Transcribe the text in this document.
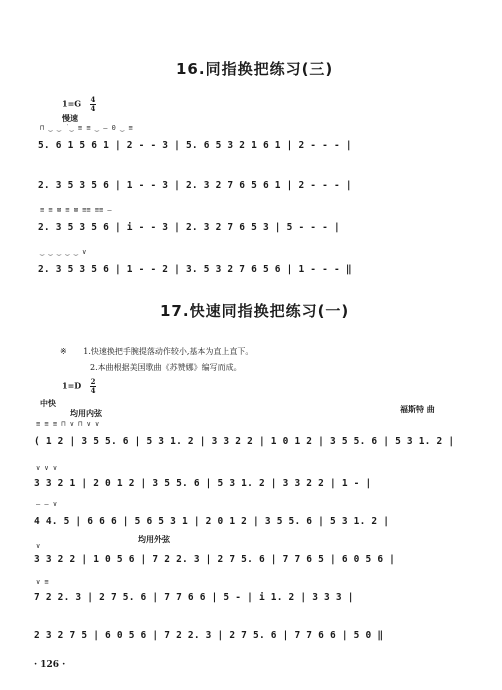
16.同指换把练习(三)
$1=G \frac{4}{4}$
慢速
⊓ ‿ ‿ ̇ ‿ ≡ ≡ ‿ — 0 ‿ ≡
5. 6 1 5 6 1 | 2 - - 3 | 5. 6 5 3 2 1 6 1 | 2 - - - |
2. 3 5 3 5 6 | 1 - - 3 | 2. 3 2 7 6 5 6 1 | 2 - - - |
≡ ≡ ⊠ ≡ ⊠ ≡≡ ≡≡ —
2. 3 5 3 5 6 | i - - 3 | 2. 3 2 7 6 5 3 | 5 - - - |
‿ ‿ ‿ ‿ ‿ ∨
2. 3 5 3 5 6 | 1 - - 2 | 3. 5 3 2 7 6 5 6 | 1 - - - ‖
17.快速同指换把练习(一)
※ 1.快速换把手腕提落动作较小,基本为直上直下。
2.本曲根据美国歌曲《苏赞娜》编写而成。
$1=D \frac{2}{4}$
中快
福斯特 曲
均用内弦
≡ ≡ ≡ ⊓ ∨ ⊓ ∨ ∨
( 1 2 | 3 5 5. 6 | 5 3 1. 2 | 3 3 2 2 | 1 0 1 2 | 3 5 5. 6 | 5 3 1. 2 |
∨ ∨ ∨
3 3 2 1 | 2 0 1 2 | 3 5 5. 6 | 5 3 1. 2 | 3 3 2 2 | 1 - |
— — ∨
4 4. 5 | 6 6 6 | 5 6 5 3 1 | 2 0 1 2 | 3 5 5. 6 | 5 3 1. 2 |
均用外弦
∨
3 3 2 2 | 1 0 5 6 | 7 2 2. 3 | 2 7 5. 6 | 7 7 6 5 | 6 0 5 6 |
∨ ≡
7 2 2. 3 | 2 7 5. 6 | 7 7 6 6 | 5 - | i 1. 2 | 3 3 3 |
2 3 2 7 5 | 6 0 5 6 | 7 2 2. 3 | 2 7 5. 6 | 7 7 6 6 | 5 0 ‖
· 126 ·
